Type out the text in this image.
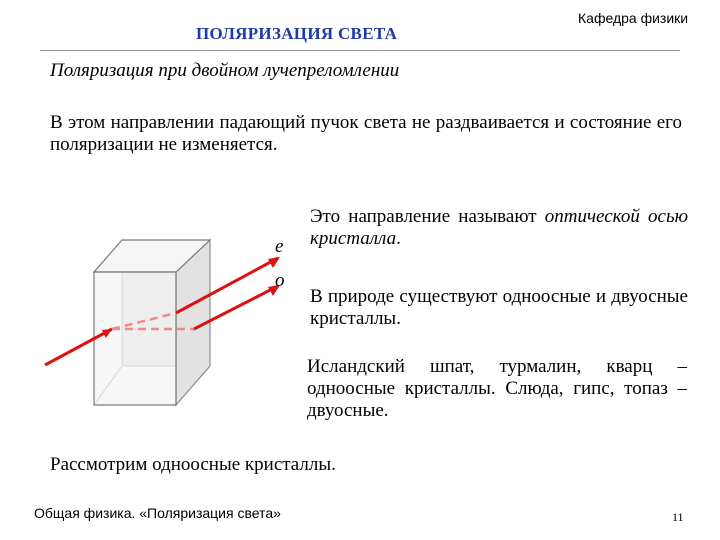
ПОЛЯРИЗАЦИЯ СВЕТА
Кафедра физики
Поляризация при двойном лучепреломлении
В этом направлении падающий пучок света не раздваивается и состояние его поляризации не изменяется.
e
o
Это направление называют оптической осью кристалла.
В природе существуют одноосные и двуосные кристаллы.
Исландский шпат, турмалин, кварц – одноосные кристаллы. Слюда, гипс, топаз – двуосные.
Рассмотрим одноосные кристаллы.
Общая физика. «Поляризация света»	11
